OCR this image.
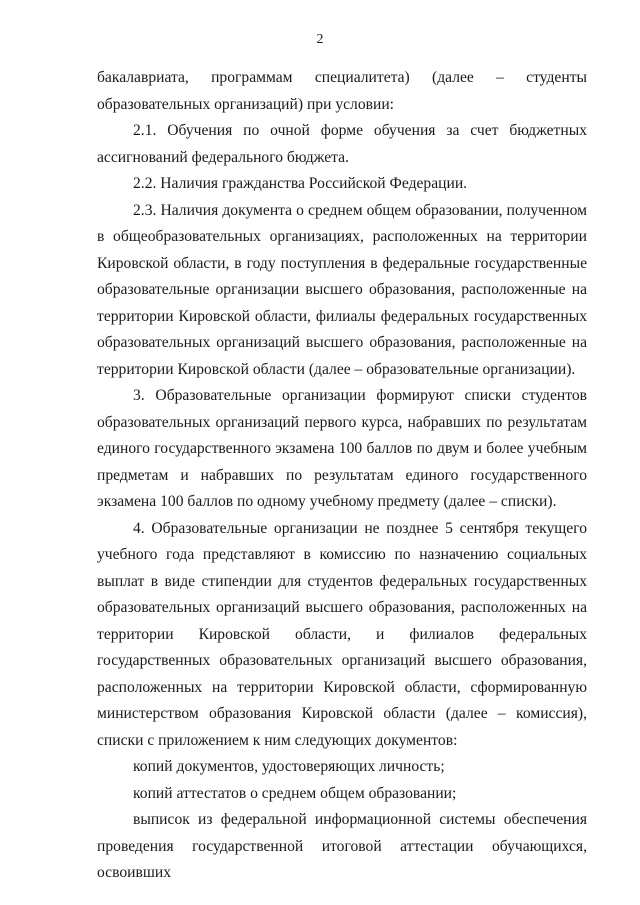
2

бакалавриата, программам специалитета) (далее – студенты образовательных организаций) при условии:

2.1. Обучения по очной форме обучения за счет бюджетных ассигнований федерального бюджета.

2.2. Наличия гражданства Российской Федерации.

2.3. Наличия документа о среднем общем образовании, полученном в общеобразовательных организациях, расположенных на территории Кировской области, в году поступления в федеральные государственные образовательные организации высшего образования, расположенные на территории Кировской области, филиалы федеральных государственных образовательных организаций высшего образования, расположенные на территории Кировской области (далее – образовательные организации).

3. Образовательные организации формируют списки студентов образовательных организаций первого курса, набравших по результатам единого государственного экзамена 100 баллов по двум и более учебным предметам и набравших по результатам единого государственного экзамена 100 баллов по одному учебному предмету (далее – списки).

4. Образовательные организации не позднее 5 сентября текущего учебного года представляют в комиссию по назначению социальных выплат в виде стипендии для студентов федеральных государственных образовательных организаций высшего образования, расположенных на территории Кировской области, и филиалов федеральных государственных образовательных организаций высшего образования, расположенных на территории Кировской области, сформированную министерством образования Кировской области (далее – комиссия), списки с приложением к ним следующих документов:

копий документов, удостоверяющих личность;

копий аттестатов о среднем общем образовании;

выписок из федеральной информационной системы обеспечения проведения государственной итоговой аттестации обучающихся, освоивших
